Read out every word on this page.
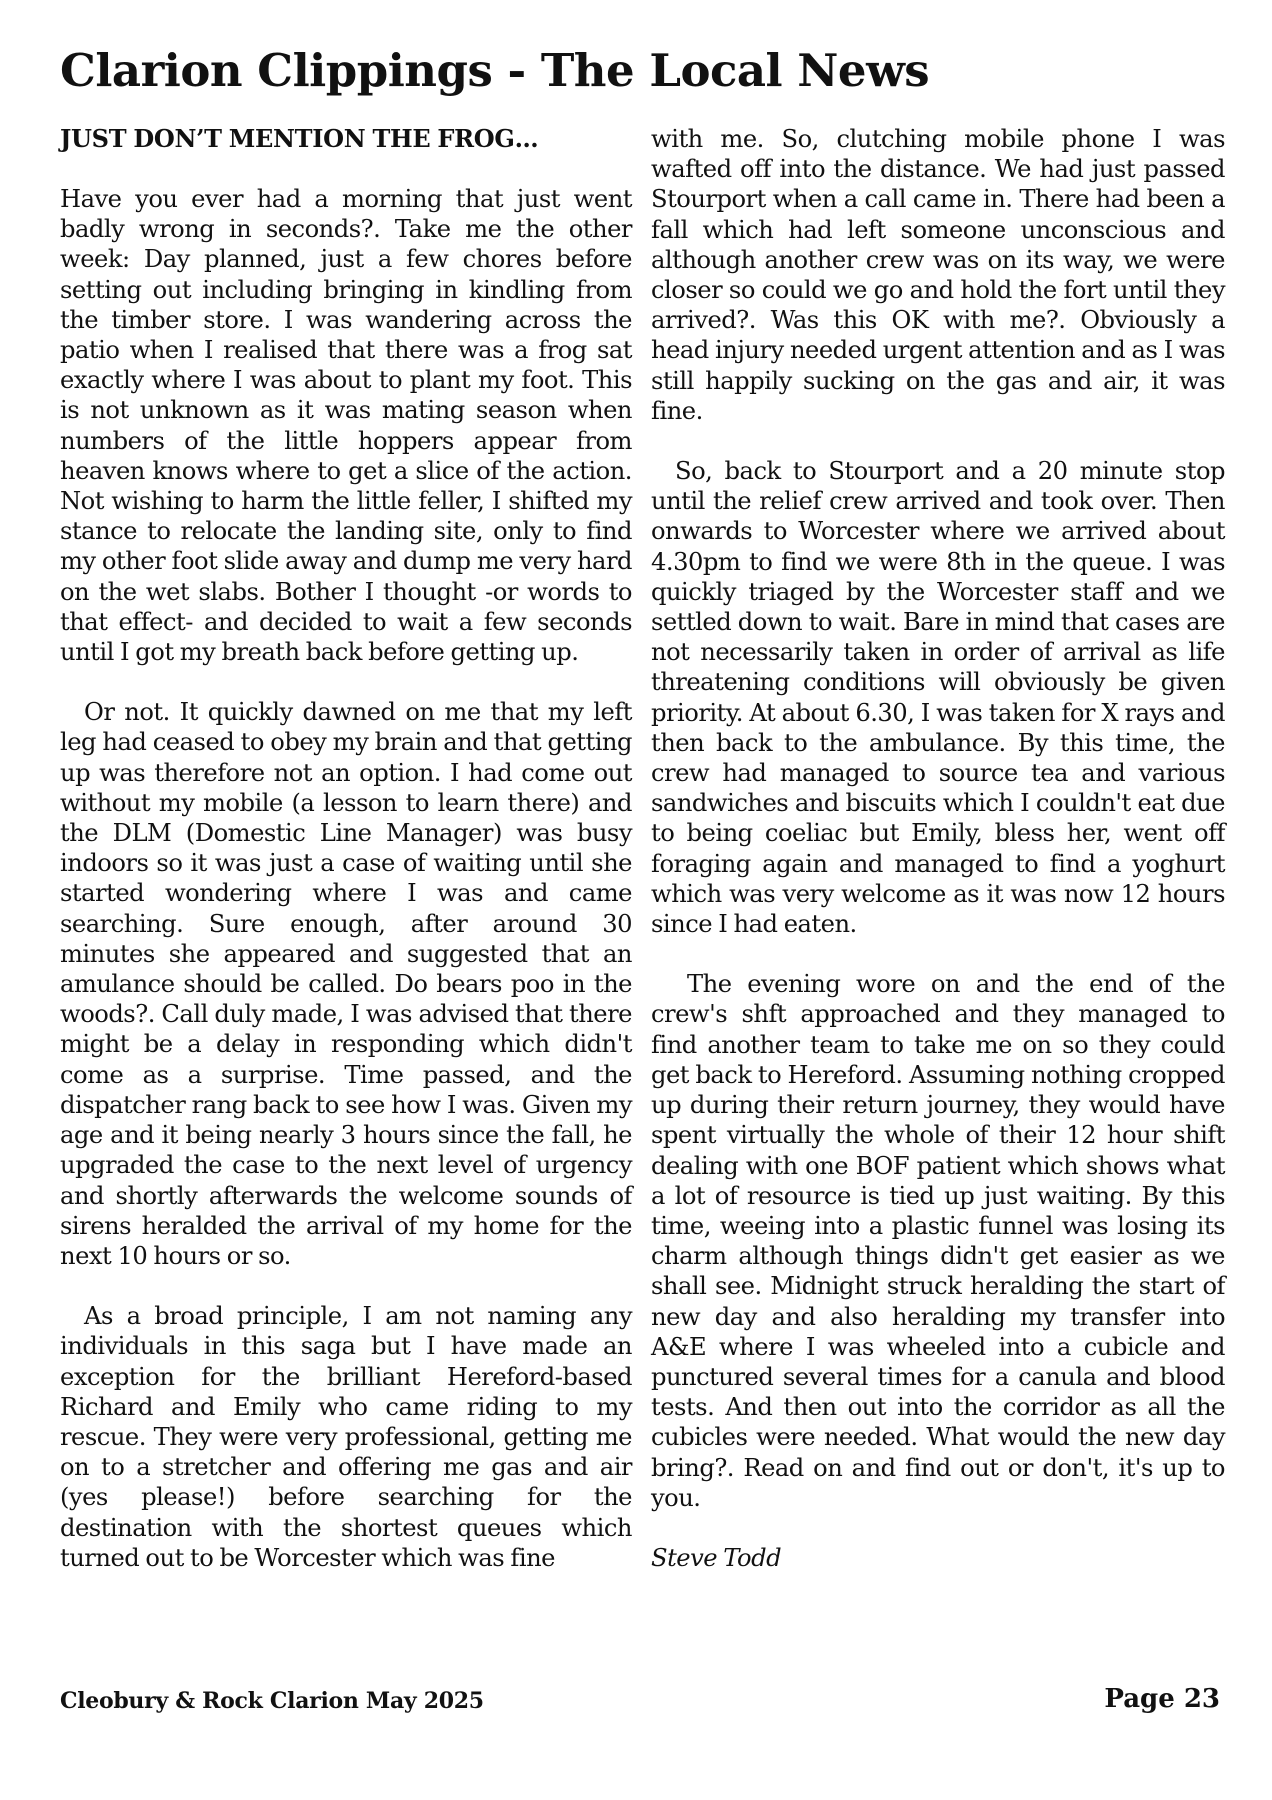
Clarion Clippings - The Local News
JUST DON’T MENTION THE FROG…

Have you ever had a morning that just went badly wrong in seconds?. Take me the other week: Day planned, just a few chores before setting out including bringing in kindling from the timber store. I was wandering across the patio when I realised that there was a frog sat exactly where I was about to plant my foot. This is not unknown as it was mating season when numbers of the little hoppers appear from heaven knows where to get a slice of the action. Not wishing to harm the little feller, I shifted my stance to relocate the landing site, only to find my other foot slide away and dump me very hard on the wet slabs. Bother I thought -or words to that effect- and decided to wait a few seconds until I got my breath back before getting up.

Or not. It quickly dawned on me that my left leg had ceased to obey my brain and that getting up was therefore not an option. I had come out without my mobile (a lesson to learn there) and the DLM (Domestic Line Manager) was busy indoors so it was just a case of waiting until she started wondering where I was and came searching. Sure enough, after around 30 minutes she appeared and suggested that an amulance should be called. Do bears poo in the woods?. Call duly made, I was advised that there might be a delay in responding which didn't come as a surprise. Time passed, and the dispatcher rang back to see how I was. Given my age and it being nearly 3 hours since the fall, he upgraded the case to the next level of urgency and shortly afterwards the welcome sounds of sirens heralded the arrival of my home for the next 10 hours or so.

As a broad principle, I am not naming any individuals in this saga but I have made an exception for the brilliant Hereford-based Richard and Emily who came riding to my rescue. They were very professional, getting me on to a stretcher and offering me gas and air (yes please!) before searching for the destination with the shortest queues which turned out to be Worcester which was fine

with me. So, clutching mobile phone I was wafted off into the distance. We had just passed Stourport when a call came in. There had been a fall which had left someone unconscious and although another crew was on its way, we were closer so could we go and hold the fort until they arrived?. Was this OK with me?. Obviously a head injury needed urgent attention and as I was still happily sucking on the gas and air, it was fine.

So, back to Stourport and a 20 minute stop until the relief crew arrived and took over. Then onwards to Worcester where we arrived about 4.30pm to find we were 8th in the queue. I was quickly triaged by the Worcester staff and we settled down to wait. Bare in mind that cases are not necessarily taken in order of arrival as life threatening conditions will obviously be given priority. At about 6.30, I was taken for X rays and then back to the ambulance. By this time, the crew had managed to source tea and various sandwiches and biscuits which I couldn't eat due to being coeliac but Emily, bless her, went off foraging again and managed to find a yoghurt which was very welcome as it was now 12 hours since I had eaten.

The evening wore on and the end of the crew's shft approached and they managed to find another team to take me on so they could get back to Hereford. Assuming nothing cropped up during their return journey, they would have spent virtually the whole of their 12 hour shift dealing with one BOF patient which shows what a lot of resource is tied up just waiting. By this time, weeing into a plastic funnel was losing its charm although things didn't get easier as we shall see. Midnight struck heralding the start of new day and also heralding my transfer into A&E where I was wheeled into a cubicle and punctured several times for a canula and blood tests. And then out into the corridor as all the cubicles were needed. What would the new day bring?. Read on and find out or don't, it's up to you.

Steve Todd
Cleobury & Rock Clarion May 2025	Page 23
